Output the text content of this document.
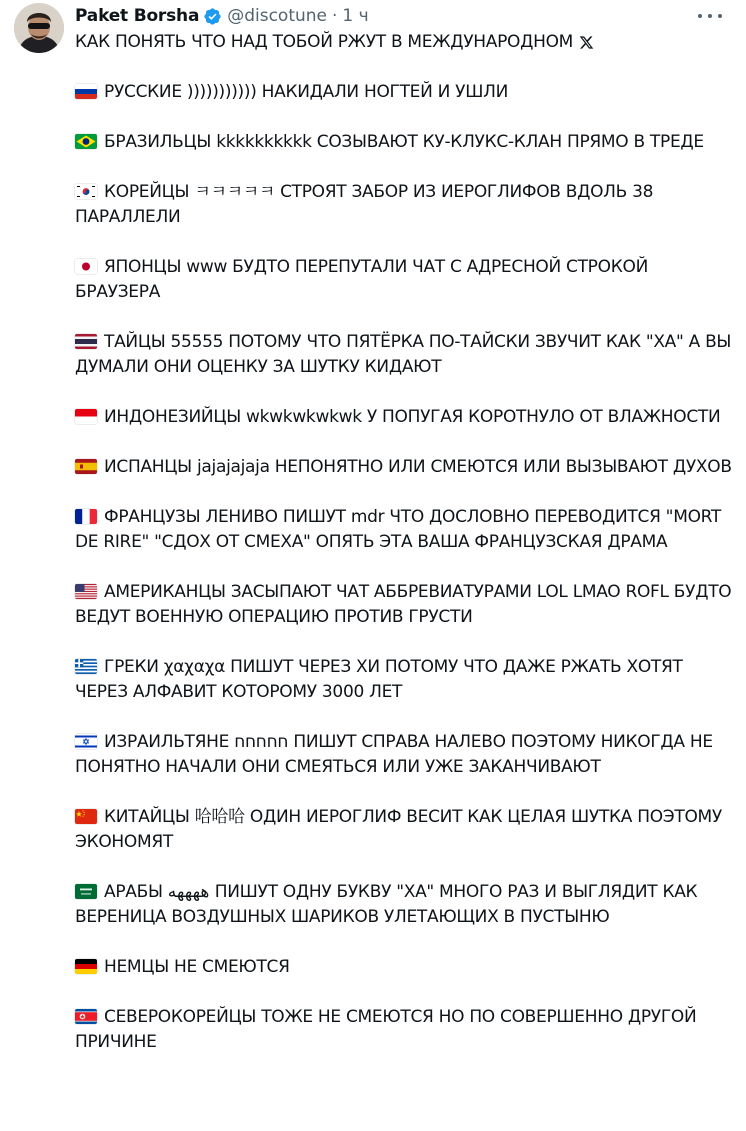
Paket Borsha @discotune · 1 ч
КАК ПОНЯТЬ ЧТО НАД ТОБОЙ РЖУТ В МЕЖДУНАРОДНОМ
РУССКИЕ ))))))))))) НАКИДАЛИ НОГТЕЙ И УШЛИ
БРАЗИЛЬЦЫ kkkkkkkkkk СОЗЫВАЮТ КУ-КЛУКС-КЛАН ПРЯМО В ТРЕДЕ
КОРЕЙЦЫ ㅋㅋㅋㅋㅋ СТРОЯТ ЗАБОР ИЗ ИЕРОГЛИФОВ ВДОЛЬ 38 ПАРАЛЛЕЛИ
ЯПОНЦЫ www БУДТО ПЕРЕПУТАЛИ ЧАТ С АДРЕСНОЙ СТРОКОЙ БРАУЗЕРА
ТАЙЦЫ 55555 ПОТОМУ ЧТО ПЯТЁРКА ПО-ТАЙСКИ ЗВУЧИТ КАК "ХА" А ВЫ ДУМАЛИ ОНИ ОЦЕНКУ ЗА ШУТКУ КИДАЮТ
ИНДОНЕЗИЙЦЫ wkwkwkwkwk У ПОПУГАЯ КОРОТНУЛО ОТ ВЛАЖНОСТИ
ИСПАНЦЫ jajajajaja НЕПОНЯТНО ИЛИ СМЕЮТСЯ ИЛИ ВЫЗЫВАЮТ ДУХОВ
ФРАНЦУЗЫ ЛЕНИВО ПИШУТ mdr ЧТО ДОСЛОВНО ПЕРЕВОДИТСЯ "MORT DE RIRE" "СДОХ ОТ СМЕХА" ОПЯТЬ ЭТА ВАША ФРАНЦУЗСКАЯ ДРАМА
АМЕРИКАНЦЫ ЗАСЫПАЮТ ЧАТ АББРЕВИАТУРАМИ LOL LMAO ROFL БУДТО ВЕДУТ ВОЕННУЮ ОПЕРАЦИЮ ПРОТИВ ГРУСТИ
ГРЕКИ χαχαχα ПИШУТ ЧЕРЕЗ ХИ ПОТОМУ ЧТО ДАЖЕ РЖАТЬ ХОТЯТ ЧЕРЕЗ АЛФАВИТ КОТОРОМУ 3000 ЛЕТ
ИЗРАИЛЬТЯНЕ חחחחח ПИШУТ СПРАВА НАЛЕВО ПОЭТОМУ НИКОГДА НЕ ПОНЯТНО НАЧАЛИ ОНИ СМЕЯТЬСЯ ИЛИ УЖЕ ЗАКАНЧИВАЮТ
КИТАЙЦЫ 哈哈哈 ОДИН ИЕРОГЛИФ ВЕСИТ КАК ЦЕЛАЯ ШУТКА ПОЭТОМУ ЭКОНОМЯТ
АРАБЫ ههههه ПИШУТ ОДНУ БУКВУ "ХА" МНОГО РАЗ И ВЫГЛЯДИТ КАК ВЕРЕНИЦА ВОЗДУШНЫХ ШАРИКОВ УЛЕТАЮЩИХ В ПУСТЫНЮ
НЕМЦЫ НЕ СМЕЮТСЯ
СЕВЕРОКОРЕЙЦЫ ТОЖЕ НЕ СМЕЮТСЯ НО ПО СОВЕРШЕННО ДРУГОЙ ПРИЧИНЕ
